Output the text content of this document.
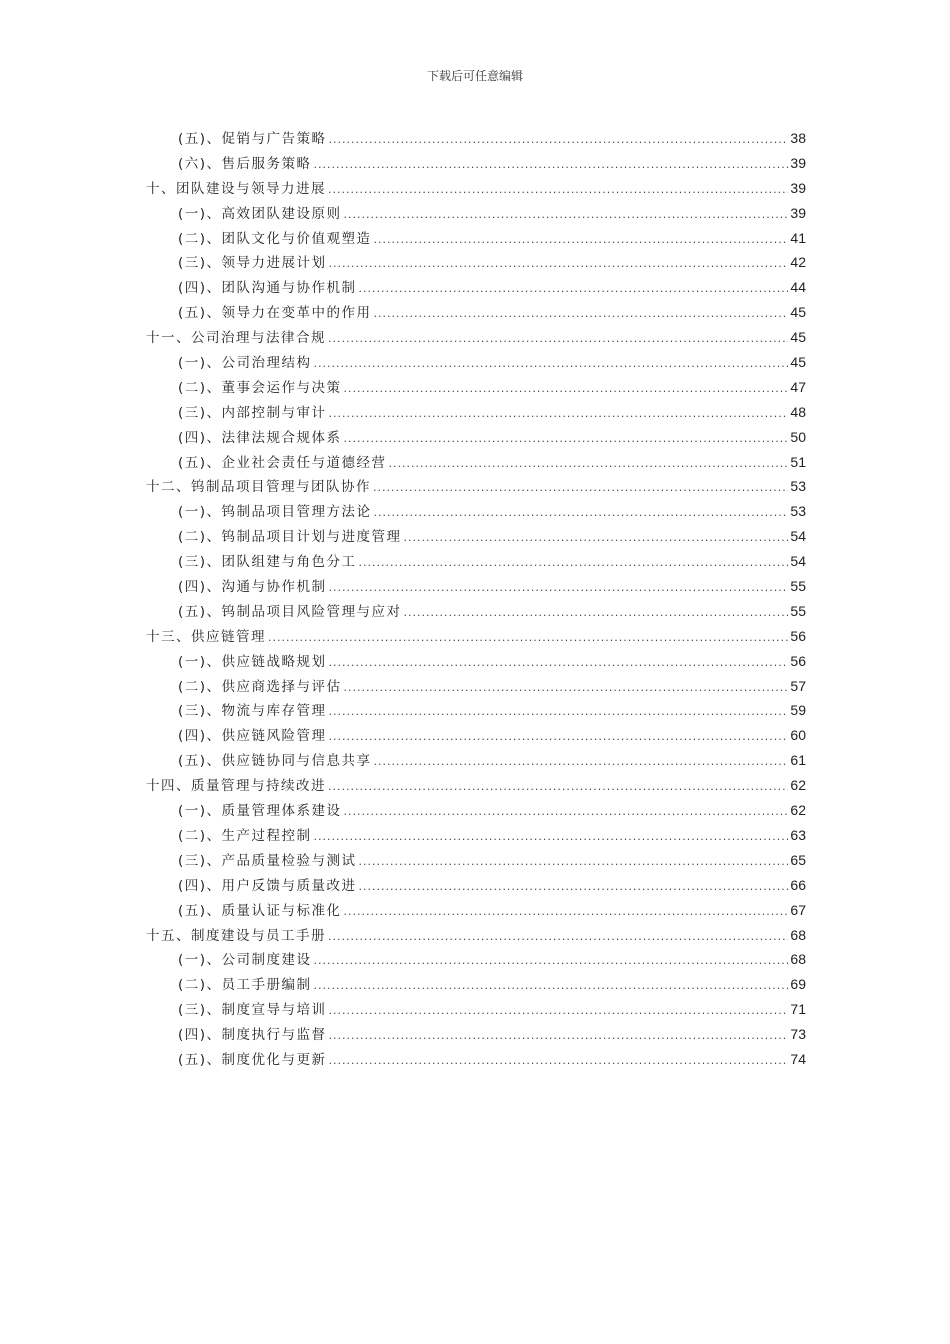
下载后可任意编辑
(五)、促销与广告策略 .....	38
(六)、售后服务策略 .....	39
十、团队建设与领导力进展 .....	39
(一)、高效团队建设原则 .....	39
(二)、团队文化与价值观塑造 .....	41
(三)、领导力进展计划 .....	42
(四)、团队沟通与协作机制 .....	44
(五)、领导力在变革中的作用 .....	45
十一、公司治理与法律合规 .....	45
(一)、公司治理结构 .....	45
(二)、董事会运作与决策 .....	47
(三)、内部控制与审计 .....	48
(四)、法律法规合规体系 .....	50
(五)、企业社会责任与道德经营 .....	51
十二、钨制品项目管理与团队协作 .....	53
(一)、钨制品项目管理方法论 .....	53
(二)、钨制品项目计划与进度管理 .....	54
(三)、团队组建与角色分工 .....	54
(四)、沟通与协作机制 .....	55
(五)、钨制品项目风险管理与应对 .....	55
十三、供应链管理 .....	56
(一)、供应链战略规划 .....	56
(二)、供应商选择与评估 .....	57
(三)、物流与库存管理 .....	59
(四)、供应链风险管理 .....	60
(五)、供应链协同与信息共享 .....	61
十四、质量管理与持续改进 .....	62
(一)、质量管理体系建设 .....	62
(二)、生产过程控制 .....	63
(三)、产品质量检验与测试 .....	65
(四)、用户反馈与质量改进 .....	66
(五)、质量认证与标准化 .....	67
十五、制度建设与员工手册 .....	68
(一)、公司制度建设 .....	68
(二)、员工手册编制 .....	69
(三)、制度宣导与培训 .....	71
(四)、制度执行与监督 .....	73
(五)、制度优化与更新 .....	74
